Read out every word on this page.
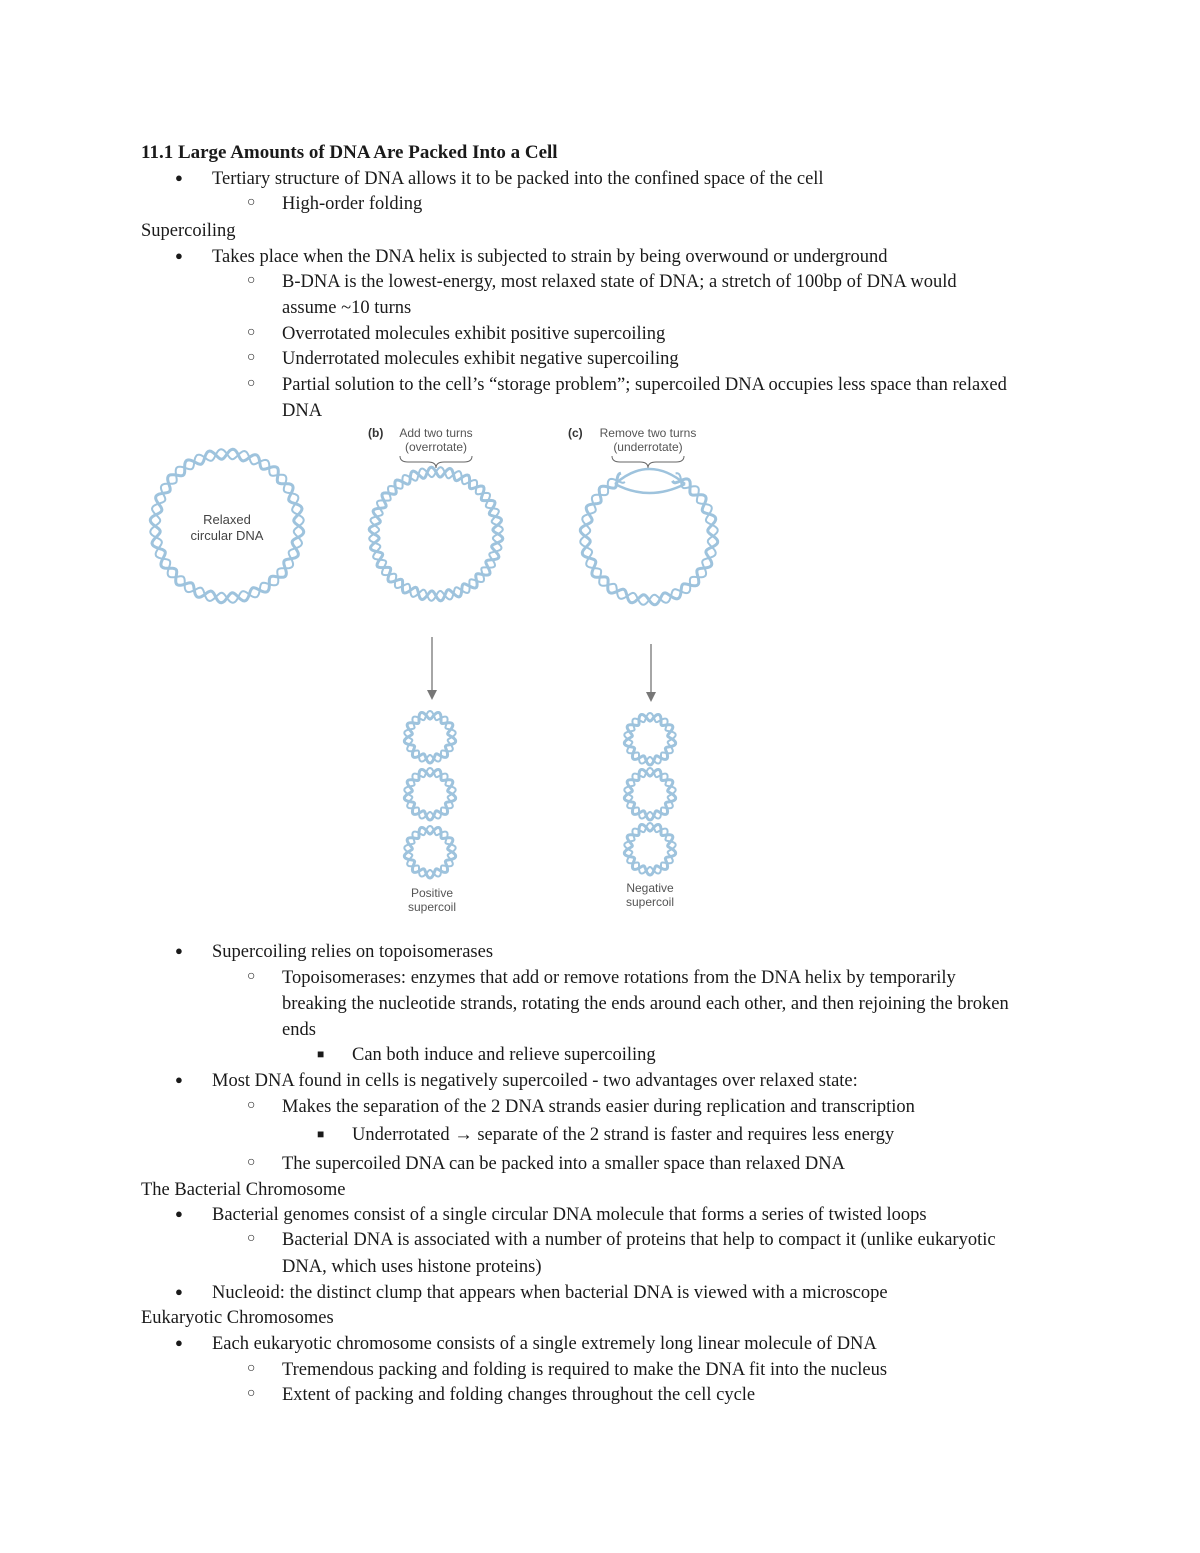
11.1 Large Amounts of DNA Are Packed Into a Cell
● Tertiary structure of DNA allows it to be packed into the confined space of the cell
○ High-order folding
Supercoiling
● Takes place when the DNA helix is subjected to strain by being overwound or underground
○ B-DNA is the lowest-energy, most relaxed state of DNA; a stretch of 100bp of DNA would
assume ~10 turns
○ Overrotated molecules exhibit positive supercoiling
○ Underrotated molecules exhibit negative supercoiling
○ Partial solution to the cell’s “storage problem”; supercoiled DNA occupies less space than relaxed
DNA
Relaxed
circular DNA
(b) Add two turns
(overrotate)
(c) Remove two turns
(underrotate)
Positive
supercoil
Negative
supercoil
● Supercoiling relies on topoisomerases
○ Topoisomerases: enzymes that add or remove rotations from the DNA helix by temporarily
breaking the nucleotide strands, rotating the ends around each other, and then rejoining the broken
ends
■ Can both induce and relieve supercoiling
● Most DNA found in cells is negatively supercoiled - two advantages over relaxed state:
○ Makes the separation of the 2 DNA strands easier during replication and transcription
■ Underrotated → separate of the 2 strand is faster and requires less energy
○ The supercoiled DNA can be packed into a smaller space than relaxed DNA
The Bacterial Chromosome
● Bacterial genomes consist of a single circular DNA molecule that forms a series of twisted loops
○ Bacterial DNA is associated with a number of proteins that help to compact it (unlike eukaryotic
DNA, which uses histone proteins)
● Nucleoid: the distinct clump that appears when bacterial DNA is viewed with a microscope
Eukaryotic Chromosomes
● Each eukaryotic chromosome consists of a single extremely long linear molecule of DNA
○ Tremendous packing and folding is required to make the DNA fit into the nucleus
○ Extent of packing and folding changes throughout the cell cycle
